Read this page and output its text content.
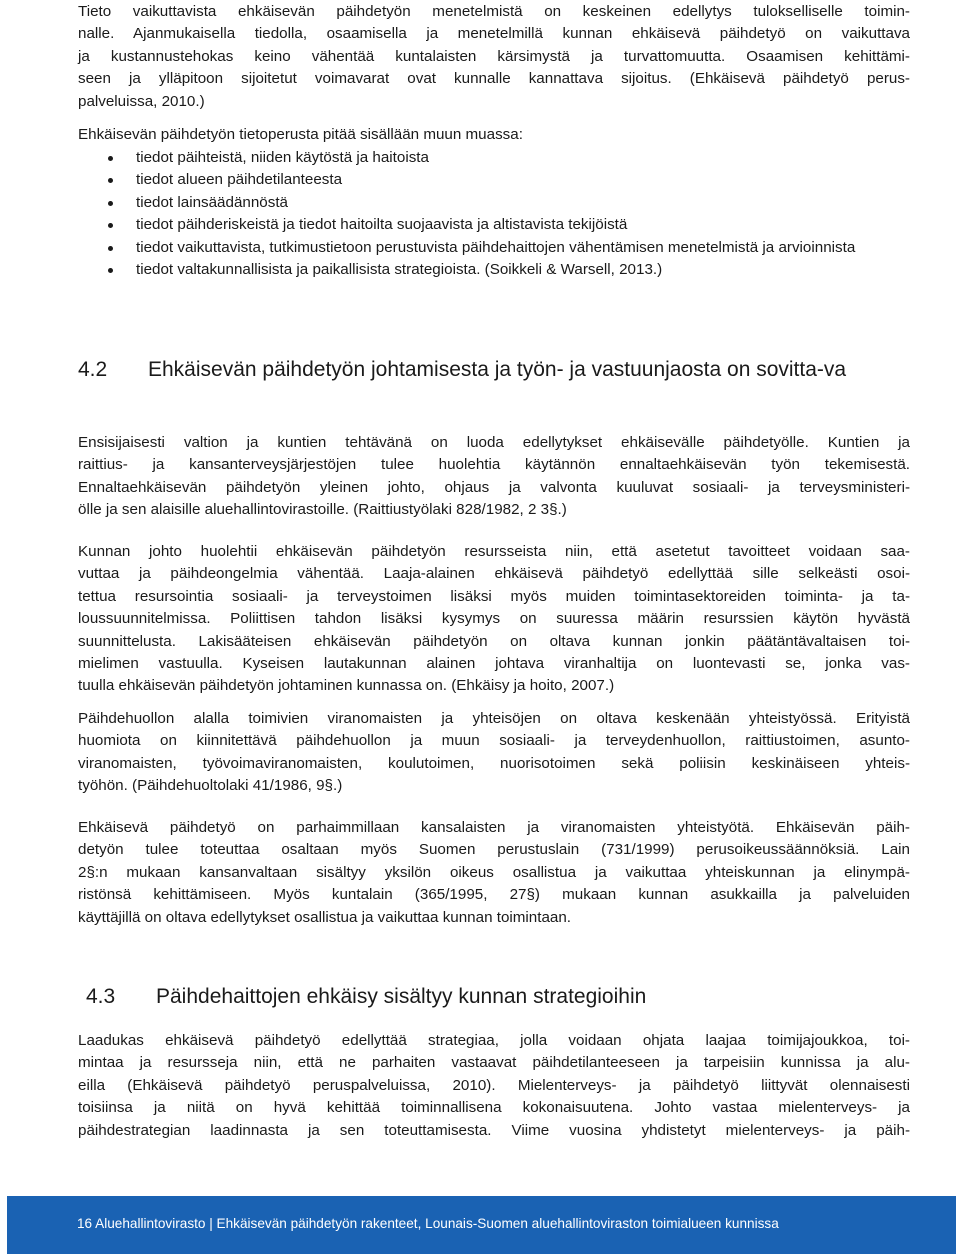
Tieto vaikuttavista ehkäisevän päihdetyön menetelmistä on keskeinen edellytys tulokselliselle toimin-
nalle. Ajanmukaisella tiedolla, osaamisella ja menetelmillä kunnan ehkäisevä päihdetyö on vaikuttava
ja kustannustehokas keino vähentää kuntalaisten kärsimystä ja turvattomuutta. Osaamisen kehittämi-
seen ja ylläpitoon sijoitetut voimavarat ovat kunnalle kannattava sijoitus. (Ehkäisevä päihdetyö perus-
palveluissa, 2010.)

Ehkäisevän päihdetyön tietoperusta pitää sisällään muun muassa:

tiedot päihteistä, niiden käytöstä ja haitoista
tiedot alueen päihdetilanteesta
tiedot lainsäädännöstä
tiedot päihderiskeistä ja tiedot haitoilta suojaavista ja altistavista tekijöistä
tiedot vaikuttavista, tutkimustietoon perustuvista päihdehaittojen vähentämisen menetelmistä ja arvioinnista
tiedot valtakunnallisista ja paikallisista strategioista. (Soikkeli & Warsell, 2013.)
4.2 Ehkäisevän päihdetyön johtamisesta ja työn- ja vastuunjaosta on sovitta-va
Ensisijaisesti valtion ja kuntien tehtävänä on luoda edellytykset ehkäisevälle päihdetyölle. Kuntien ja
raittius- ja kansanterveysjärjestöjen tulee huolehtia käytännön ennaltaehkäisevän työn tekemisestä.
Ennaltaehkäisevän päihdetyön yleinen johto, ohjaus ja valvonta kuuluvat sosiaali- ja terveysministeri-
ölle ja sen alaisille aluehallintovirastoille. (Raittiustyölaki 828/1982, 2 3§.)
Kunnan johto huolehtii ehkäisevän päihdetyön resursseista niin, että asetetut tavoitteet voidaan saa-
vuttaa ja päihdeongelmia vähentää. Laaja-alainen ehkäisevä päihdetyö edellyttää sille selkeästi osoi-
tettua resursointia sosiaali- ja terveystoimen lisäksi myös muiden toimintasektoreiden toiminta- ja ta-
loussuunnitelmissa. Poliittisen tahdon lisäksi kysymys on suuressa määrin resurssien käytön hyvästä
suunnittelusta. Lakisääteisen ehkäisevän päihdetyön on oltava kunnan jonkin päätäntävaltaisen toi-
mielimen vastuulla. Kyseisen lautakunnan alainen johtava viranhaltija on luontevasti se, jonka vas-
tuulla ehkäisevän päihdetyön johtaminen kunnassa on. (Ehkäisy ja hoito, 2007.)
Päihdehuollon alalla toimivien viranomaisten ja yhteisöjen on oltava keskenään yhteistyössä. Erityistä
huomiota on kiinnitettävä päihdehuollon ja muun sosiaali- ja terveydenhuollon, raittiustoimen, asunto-
viranomaisten, työvoimaviranomaisten, koulutoimen, nuorisotoimen sekä poliisin keskinäiseen yhteis-
työhön. (Päihdehuoltolaki 41/1986, 9§.)
Ehkäisevä päihdetyö on parhaimmillaan kansalaisten ja viranomaisten yhteistyötä. Ehkäisevän päih-
detyön tulee toteuttaa osaltaan myös Suomen perustuslain (731/1999) perusoikeussäännöksiä. Lain
2§:n mukaan kansanvaltaan sisältyy yksilön oikeus osallistua ja vaikuttaa yhteiskunnan ja elinympä-
ristönsä kehittämiseen. Myös kuntalain (365/1995, 27§) mukaan kunnan asukkailla ja palveluiden
käyttäjillä on oltava edellytykset osallistua ja vaikuttaa kunnan toimintaan.
4.3 Päihdehaittojen ehkäisy sisältyy kunnan strategioihin
Laadukas ehkäisevä päihdetyö edellyttää strategiaa, jolla voidaan ohjata laajaa toimijajoukkoa, toi-
mintaa ja resursseja niin, että ne parhaiten vastaavat päihdetilanteeseen ja tarpeisiin kunnissa ja alu-
eilla (Ehkäisevä päihdetyö peruspalveluissa, 2010). Mielenterveys- ja päihdetyö liittyvät olennaisesti
toisiinsa ja niitä on hyvä kehittää toiminnallisena kokonaisuutena. Johto vastaa mielenterveys- ja
päihdestrategian laadinnasta ja sen toteuttamisesta. Viime vuosina yhdistetyt mielenterveys- ja päih-
16 Aluehallintovirasto | Ehkäisevän päihdetyön rakenteet, Lounais-Suomen aluehallintoviraston toimialueen kunnissa
